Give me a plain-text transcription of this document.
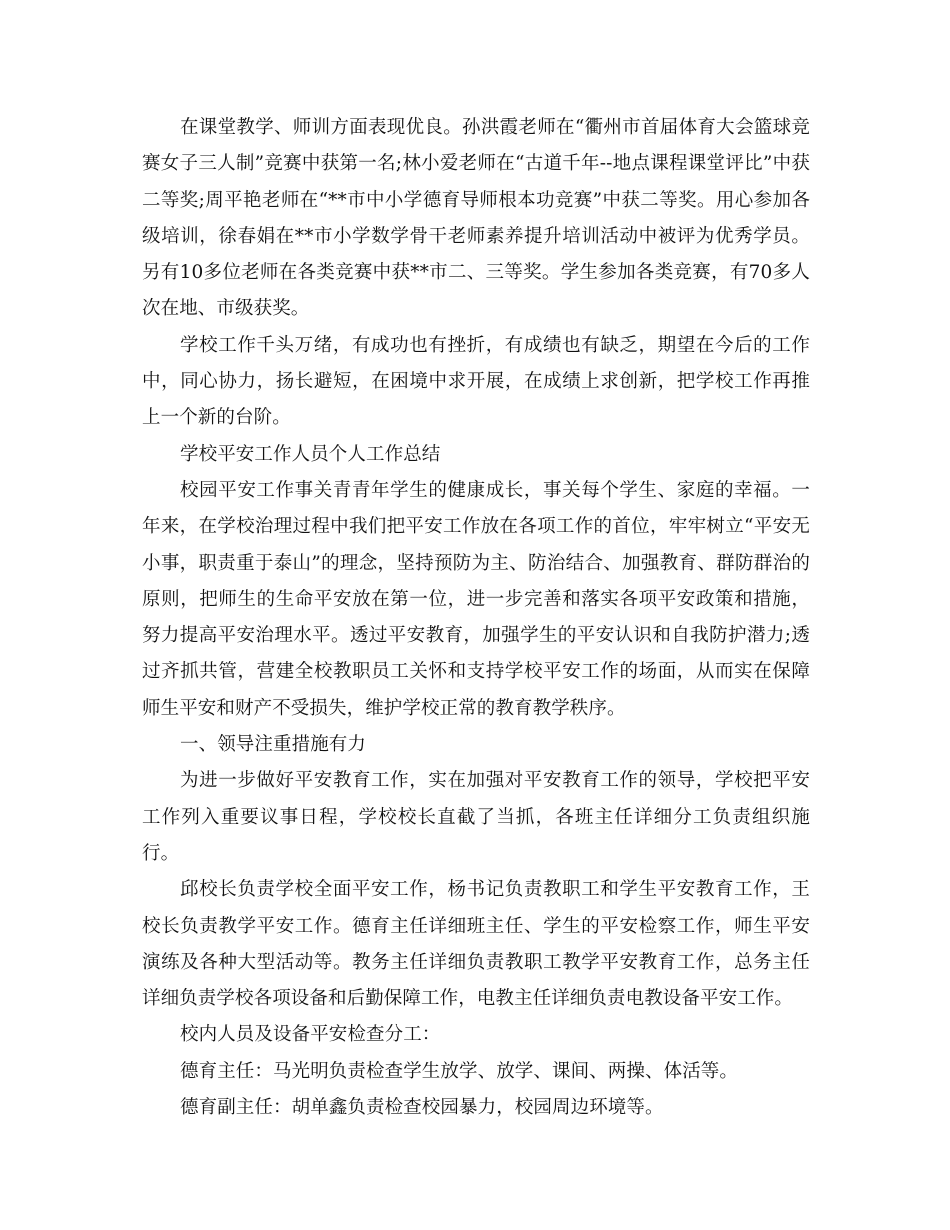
在课堂教学、师训方面表现优良。孙洪霞老师在“衢州市首届体育大会篮球竞赛女子三人制”竞赛中获第一名;林小爱老师在“古道千年--地点课程课堂评比”中获二等奖;周平艳老师在“**市中小学德育导师根本功竞赛”中获二等奖。用心参加各级培训，徐春娟在**市小学数学骨干老师素养提升培训活动中被评为优秀学员。另有10多位老师在各类竞赛中获**市二、三等奖。学生参加各类竞赛，有70多人次在地、市级获奖。

学校工作千头万绪，有成功也有挫折，有成绩也有缺乏，期望在今后的工作中，同心协力，扬长避短，在困境中求开展，在成绩上求创新，把学校工作再推上一个新的台阶。

学校平安工作人员个人工作总结

校园平安工作事关青青年学生的健康成长，事关每个学生、家庭的幸福。一年来，在学校治理过程中我们把平安工作放在各项工作的首位，牢牢树立“平安无小事，职责重于泰山”的理念，坚持预防为主、防治结合、加强教育、群防群治的原则，把师生的生命平安放在第一位，进一步完善和落实各项平安政策和措施，努力提高平安治理水平。透过平安教育，加强学生的平安认识和自我防护潜力;透过齐抓共管，营建全校教职员工关怀和支持学校平安工作的场面，从而实在保障师生平安和财产不受损失，维护学校正常的教育教学秩序。

一、领导注重措施有力

为进一步做好平安教育工作，实在加强对平安教育工作的领导，学校把平安工作列入重要议事日程，学校校长直截了当抓，各班主任详细分工负责组织施行。

邱校长负责学校全面平安工作，杨书记负责教职工和学生平安教育工作，王校长负责教学平安工作。德育主任详细班主任、学生的平安检察工作，师生平安演练及各种大型活动等。教务主任详细负责教职工教学平安教育工作，总务主任详细负责学校各项设备和后勤保障工作，电教主任详细负责电教设备平安工作。

校内人员及设备平安检查分工：

德育主任：马光明负责检查学生放学、放学、课间、两操、体活等。

德育副主任：胡单鑫负责检查校园暴力，校园周边环境等。
